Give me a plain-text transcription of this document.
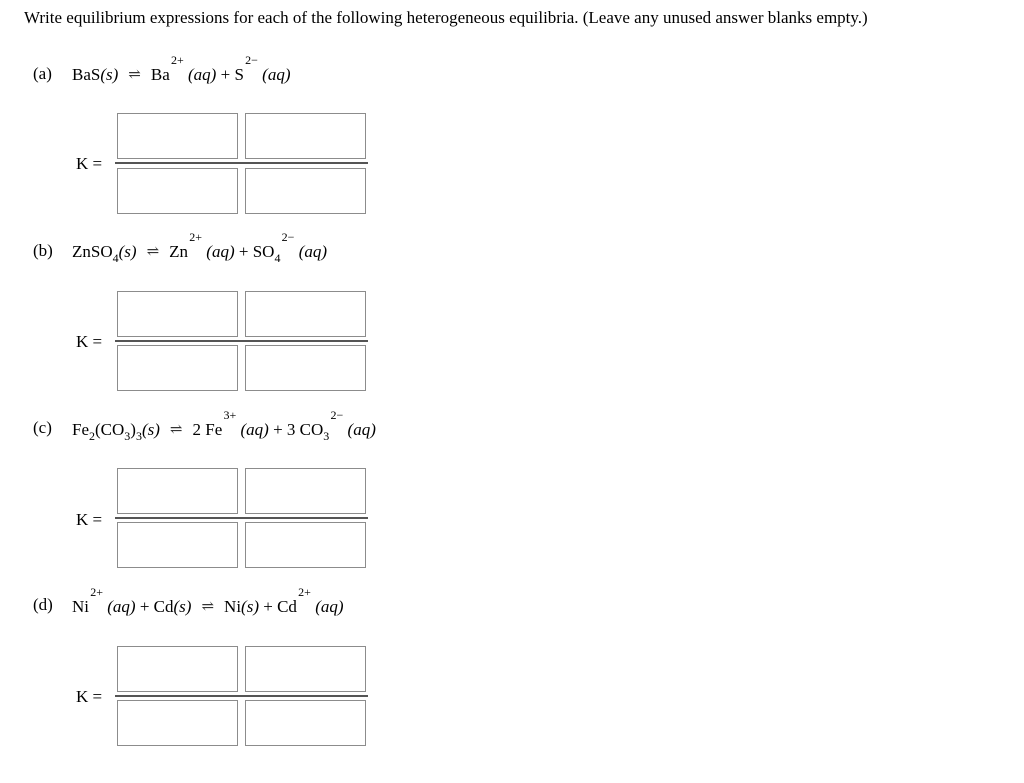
Write equilibrium expressions for each of the following heterogeneous equilibria. (Leave any unused answer blanks empty.)
(a) BaS(s) ⇌ Ba
2+
(aq) + S
2−
(aq)
K =
(b) ZnSO$_4$(s) ⇌ Zn
2+
$(aq) + SO_4$
2−
(aq)
K =
(c) $Fe_2(CO_3)_3(s)$ ⇌ 2 Fe
3+
(aq) + 3 $CO_3$
2−
(aq)
K =
(d) Ni
2+
(aq) + Cd(s) ⇌ Ni(s) + Cd
2+
(aq)
K =
